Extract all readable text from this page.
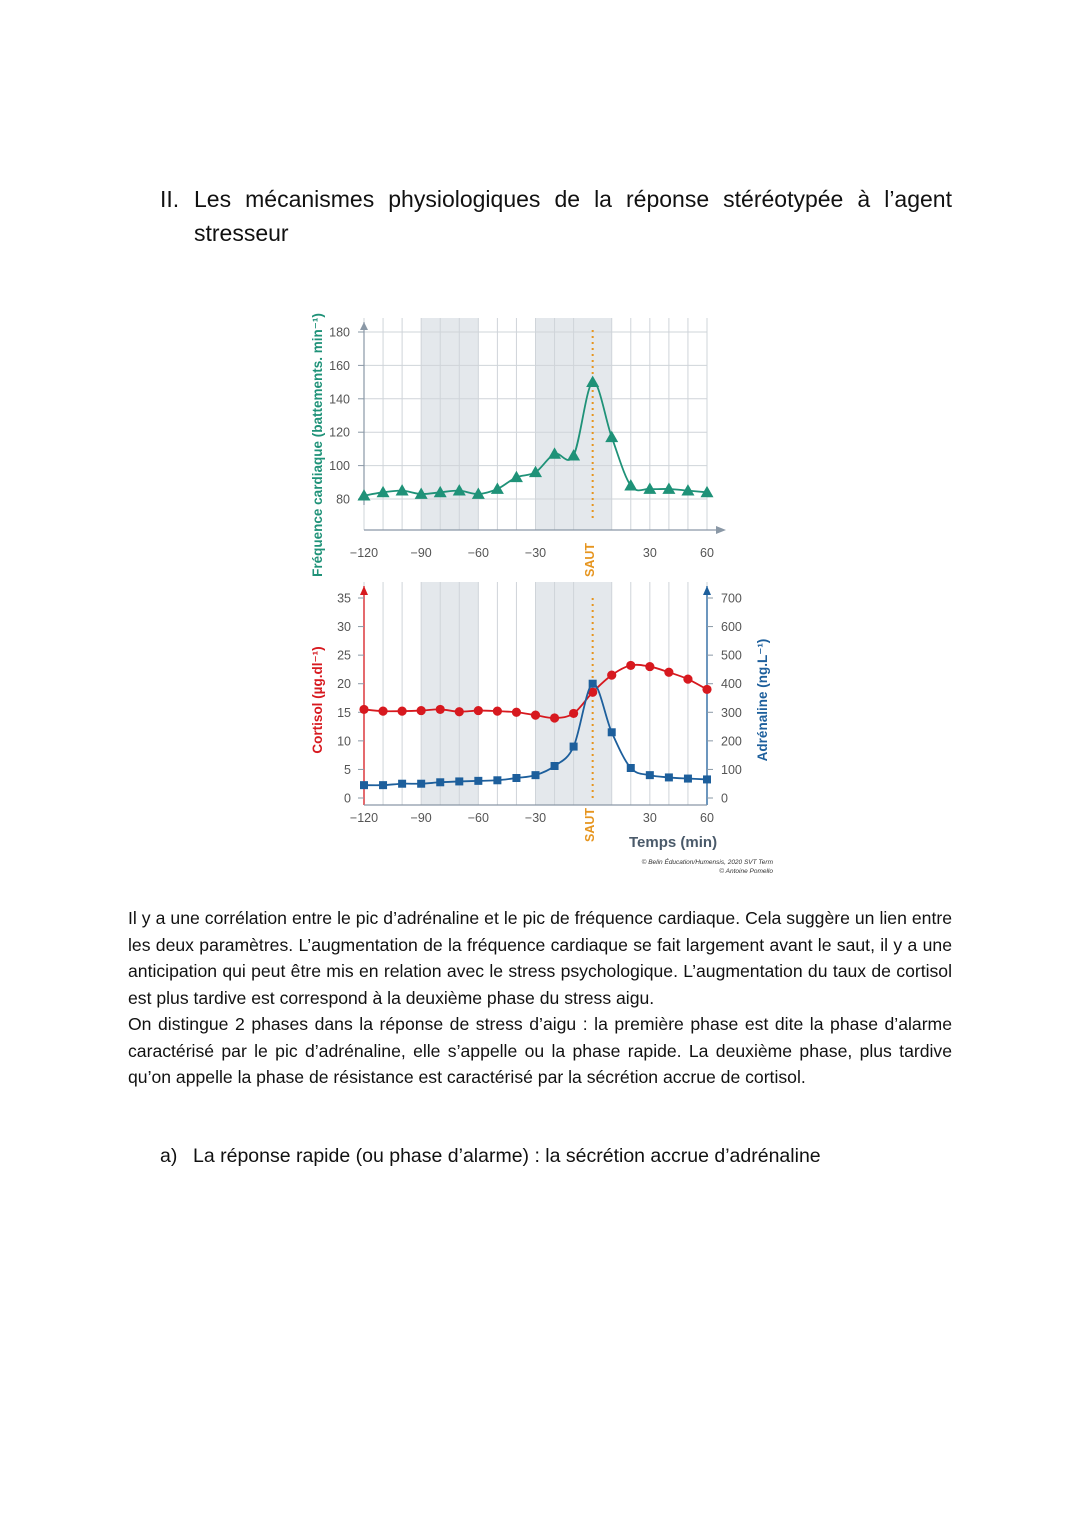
II. Les mécanismes physiologiques de la réponse stéréotypée à l’agent stresseur
80
100
120
140
160
180
−120	−90	−60	−30	30	60
0
5
10
15
20
25
30
35
0
100
200
300
400
500
600
700
−120	−90	−60	−30	30	60
Fréquence cardiaque (battements. min⁻¹)
Cortisol (µg.dl⁻¹)	Adrénaline (ng.L⁻¹)
SAUT
SAUT
Temps (min)
© Belin Éducation/Humensis, 2020 SVT Term
© Antoine Pomello

Il y a une corrélation entre le pic d’adrénaline et le pic de fréquence cardiaque. Cela suggère un lien entre les deux paramètres. L’augmentation de la fréquence cardiaque se fait largement avant le saut, il y a une anticipation qui peut être mis en relation avec le stress psychologique. L’augmentation du taux de cortisol est plus tardive est correspond à la deuxième phase du stress aigu.

On distingue 2 phases dans la réponse de stress d’aigu : la première phase est dite la phase d’alarme caractérisé par le pic d’adrénaline, elle s’appelle ou la phase rapide. La deuxième phase, plus tardive qu’on appelle la phase de résistance est caractérisé par la sécrétion accrue de cortisol.

a) La réponse rapide (ou phase d’alarme) : la sécrétion accrue d’adrénaline
